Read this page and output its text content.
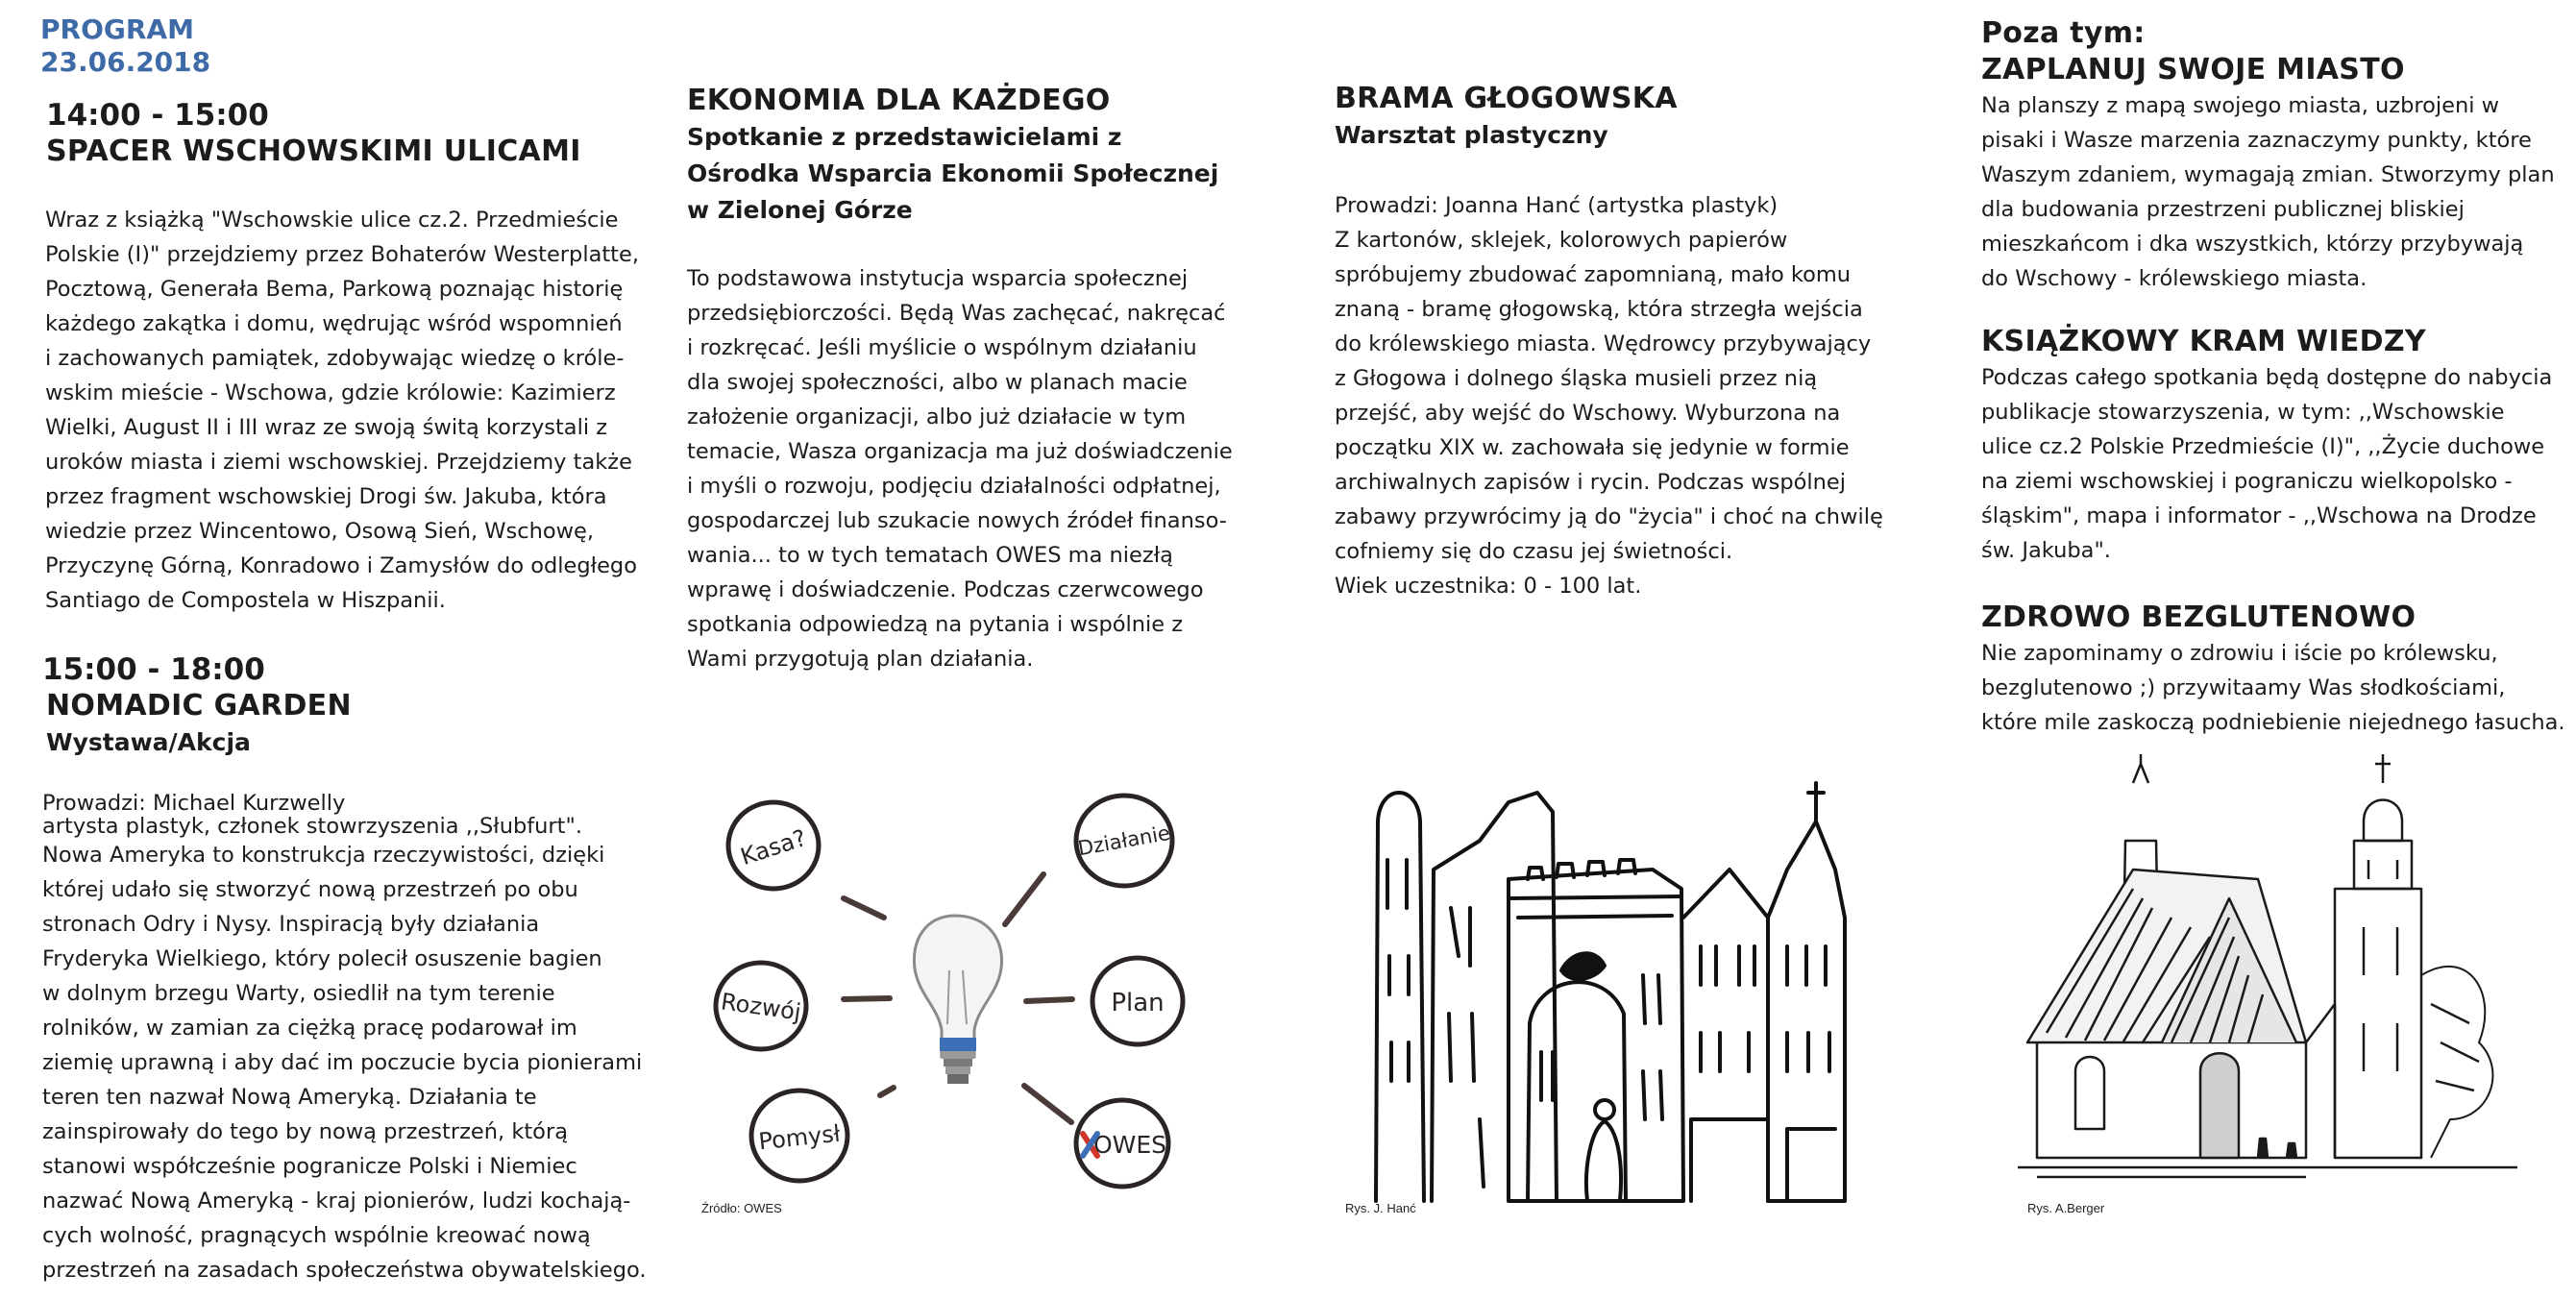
PROGRAM

23.06.2018

14:00 - 15:00

SPACER WSCHOWSKIMI ULICAMI

Wraz z książką "Wschowskie ulice cz.2. Przedmieście

Polskie (I)" przejdziemy przez Bohaterów Westerplatte,

Pocztową, Generała Bema, Parkową poznając historię

każdego zakątka i domu, wędrując wśród wspomnień

i zachowanych pamiątek, zdobywając wiedzę o króle-

wskim mieście - Wschowa, gdzie królowie: Kazimierz

Wielki, August II i III wraz ze swoją świtą korzystali z

uroków miasta i ziemi wschowskiej. Przejdziemy także

przez fragment wschowskiej Drogi św. Jakuba, która

wiedzie przez Wincentowo, Osową Sień, Wschowę,

Przyczynę Górną, Konradowo i Zamysłów do odległego

Santiago de Compostela w Hiszpanii.

15:00 - 18:00

NOMADIC GARDEN

Wystawa/Akcja

Prowadzi: Michael Kurzwelly

artysta plastyk, członek stowrzyszenia ,,Słubfurt".

Nowa Ameryka to konstrukcja rzeczywistości, dzięki

której udało się stworzyć nową przestrzeń po obu

stronach Odry i Nysy. Inspiracją były działania

Fryderyka Wielkiego, który polecił osuszenie bagien

w dolnym brzegu Warty, osiedlił na tym terenie

rolników, w zamian za ciężką pracę podarował im

ziemię uprawną i aby dać im poczucie bycia pionierami

teren ten nazwał Nową Ameryką. Działania te

zainspirowały do tego by nową przestrzeń, którą

stanowi współcześnie pogranicze Polski i Niemiec

nazwać Nową Ameryką - kraj pionierów, ludzi kochają-

cych wolność, pragnących wspólnie kreować nową

przestrzeń na zasadach społeczeństwa obywatelskiego.

EKONOMIA DLA KAŻDEGO

Spotkanie z przedstawicielami z

Ośrodka Wsparcia Ekonomii Społecznej

w Zielonej Górze

To podstawowa instytucja wsparcia społecznej

przedsiębiorczości. Będą Was zachęcać, nakręcać

i rozkręcać. Jeśli myślicie o wspólnym działaniu

dla swojej społeczności, albo w planach macie

założenie organizacji, albo już działacie w tym

temacie, Wasza organizacja ma już doświadczenie

i myśli o rozwoju, podjęciu działalności odpłatnej,

gospodarczej lub szukacie nowych źródeł finanso-

wania... to w tych tematach OWES ma niezłą

wprawę i doświadczenie. Podczas czerwcowego

spotkania odpowiedzą na pytania i wspólnie z

Wami przygotują plan działania.

Kasa?	Działanie
Rozwój	Plan
Pomysł	OWES
Źródło: OWES

BRAMA GŁOGOWSKA

Warsztat plastyczny

Prowadzi: Joanna Hanć (artystka plastyk)

Z kartonów, sklejek, kolorowych papierów

spróbujemy zbudować zapomnianą, mało komu

znaną - bramę głogowską, która strzegła wejścia

do królewskiego miasta. Wędrowcy przybywający

z Głogowa i dolnego śląska musieli przez nią

przejść, aby wejść do Wschowy. Wyburzona na

początku XIX w. zachowała się jedynie w formie

archiwalnych zapisów i rycin. Podczas wspólnej

zabawy przywrócimy ją do "życia" i choć na chwilę

cofniemy się do czasu jej świetności.

Wiek uczestnika: 0 - 100 lat.

Rys. J. Hanć

Poza tym:

ZAPLANUJ SWOJE MIASTO

Na planszy z mapą swojego miasta, uzbrojeni w

pisaki i Wasze marzenia zaznaczymy punkty, które

Waszym zdaniem, wymagają zmian. Stworzymy plan

dla budowania przestrzeni publicznej bliskiej

mieszkańcom i dka wszystkich, którzy przybywają

do Wschowy - królewskiego miasta.

KSIĄŻKOWY KRAM WIEDZY

Podczas całego spotkania będą dostępne do nabycia

publikacje stowarzyszenia, w tym: ,,Wschowskie

ulice cz.2 Polskie Przedmieście (I)", ,,Życie duchowe

na ziemi wschowskiej i pograniczu wielkopolsko -

śląskim", mapa i informator - ,,Wschowa na Drodze

św. Jakuba".

ZDROWO BEZGLUTENOWO

Nie zapominamy o zdrowiu i iście po królewsku,

bezglutenowo ;) przywitaamy Was słodkościami,

które mile zaskoczą podniebienie niejednego łasucha.

Rys. A.Berger
